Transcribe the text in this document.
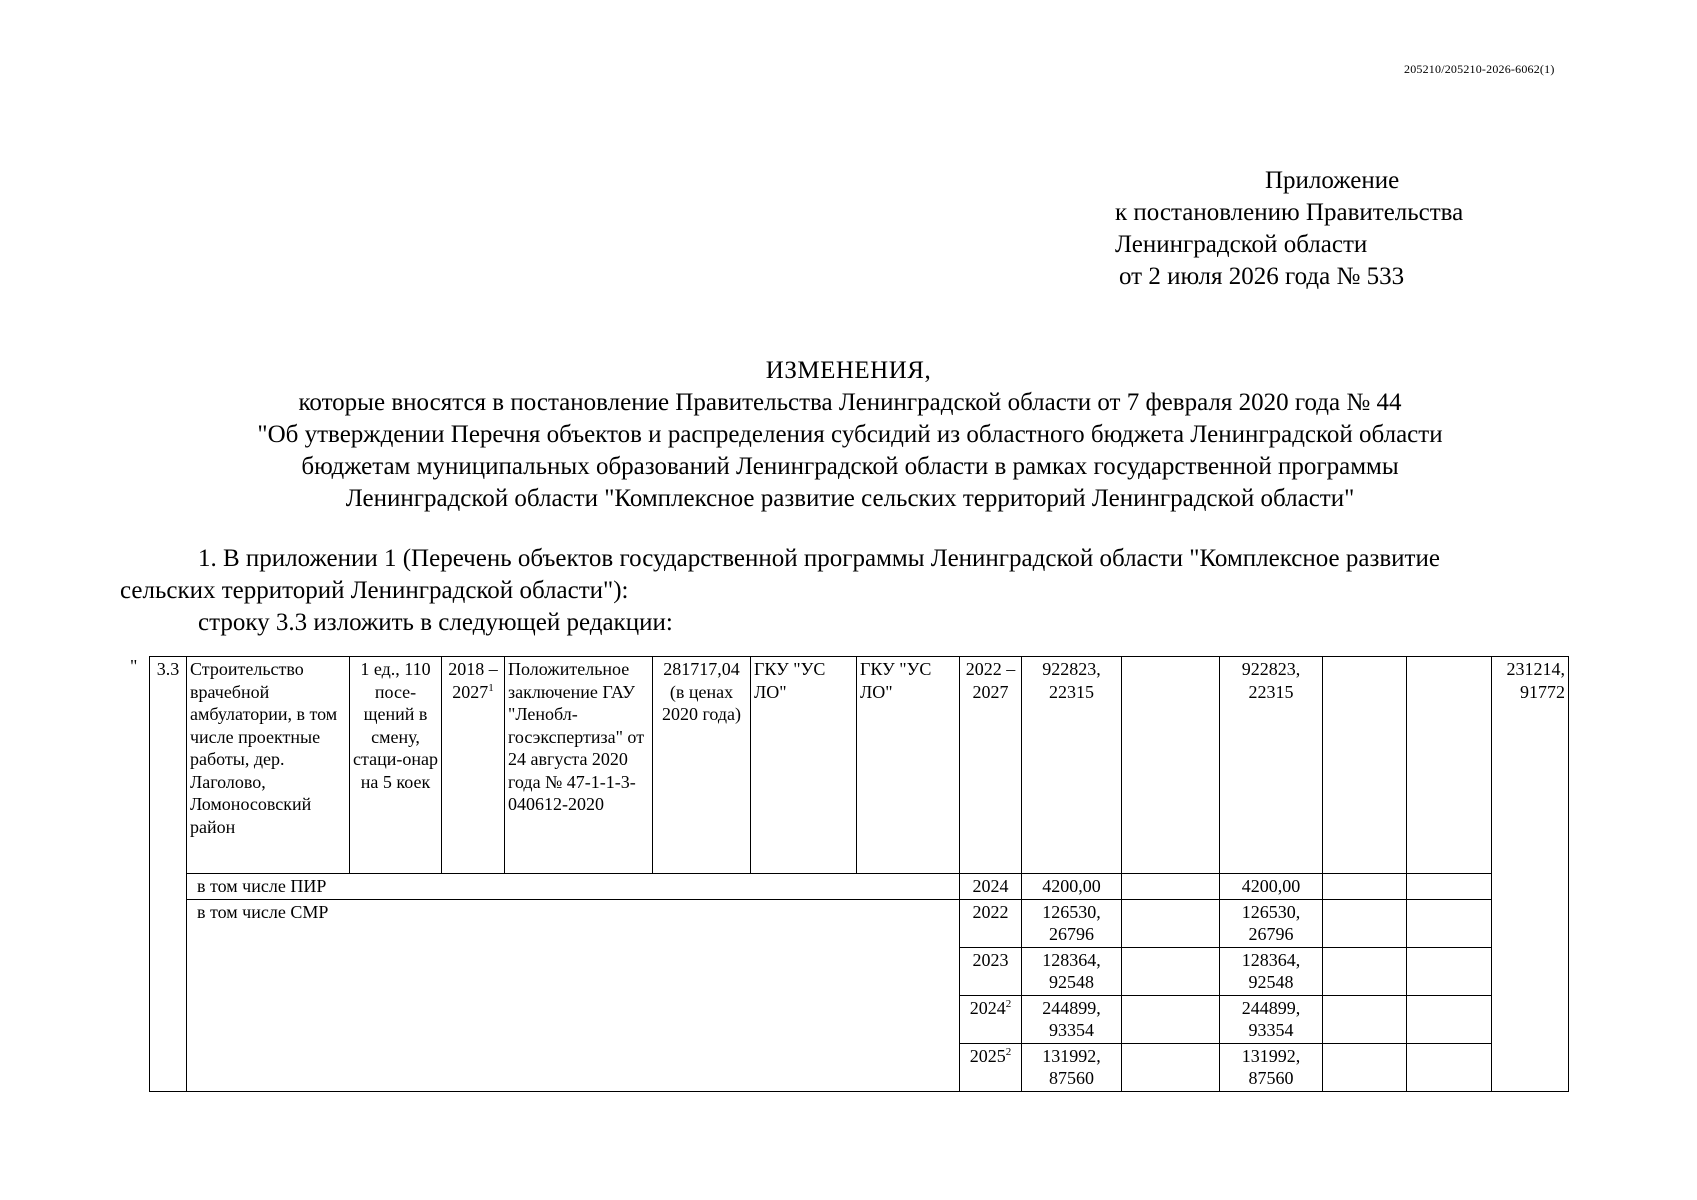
205210/205210-2026-6062(1)
Приложение
к постановлению Правительства
Ленинградской области
от 2 июля 2026 года № 533
ИЗМЕНЕНИЯ,
которые вносятся в постановление Правительства Ленинградской области от 7 февраля 2020 года № 44
"Об утверждении Перечня объектов и распределения субсидий из областного бюджета Ленинградской области
бюджетам муниципальных образований Ленинградской области в рамках государственной программы
Ленинградской области "Комплексное развитие сельских территорий Ленинградской области"
1. В приложении 1 (Перечень объектов государственной программы Ленинградской области "Комплексное развитие
сельских территорий Ленинградской области"):
строку 3.3 изложить в следующей редакции:
" 3.3	Строительство врачебной амбулатории, в том числе проектные работы, дер. Лаголово, Ломоносовский район	1 ед., 110 посе-щений в смену, стаци-онар на 5 коек	2018 – 2027$^1$	Положительное заключение ГАУ "Ленобл-госэкспертиза" от 24 августа 2020 года № 47-1-1-3-040612-2020	281717,04 (в ценах 2020 года)	ГКУ "УС ЛО"	ГКУ "УС ЛО"	2022 – 2027	922823, 22315		922823, 22315			231214, 91772
	в том числе ПИР							2024	4200,00		4200,00			
	в том числе СМР							2022	126530, 26796		126530, 26796			
								2023	128364, 92548		128364, 92548			
								2024$^2$	244899, 93354		244899, 93354			
								2025$^2$	131992, 87560		131992, 87560			
